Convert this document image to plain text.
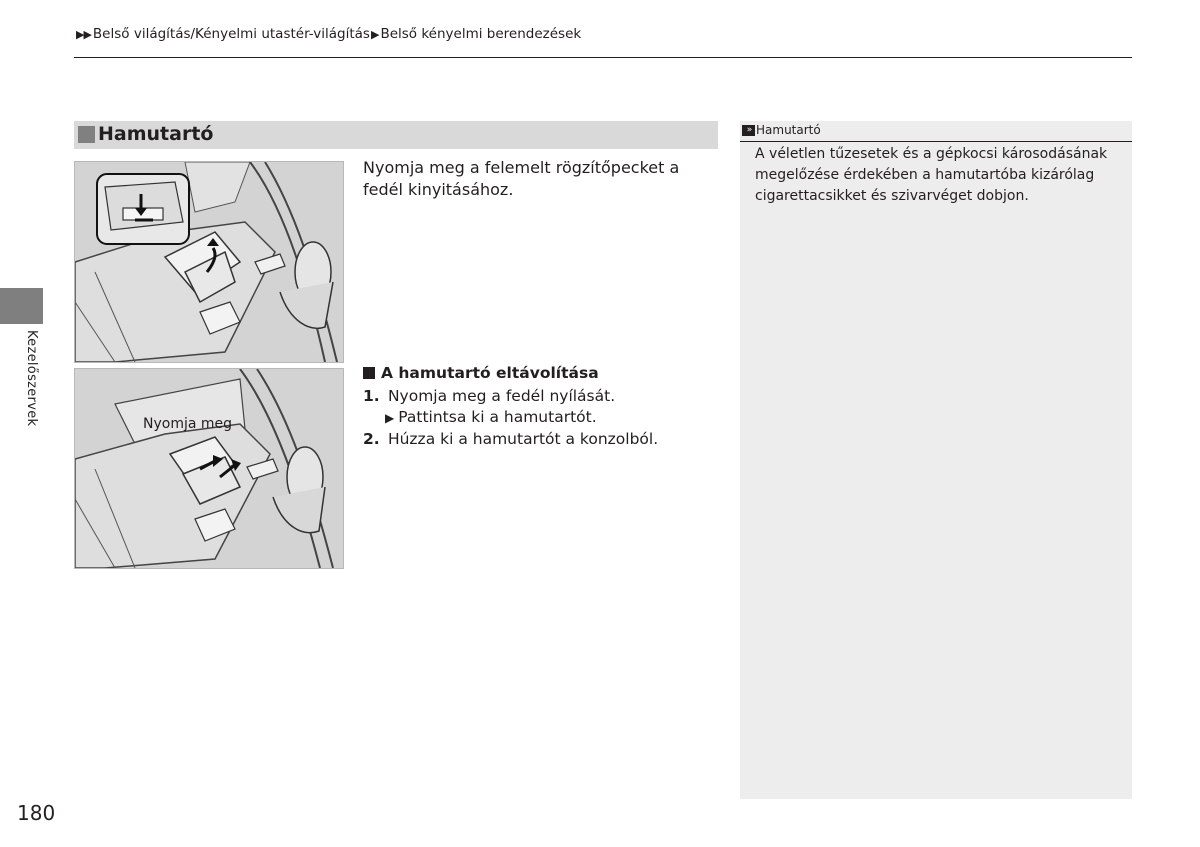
▶▶ Belső világítás/Kényelmi utastér-világítás▶Belső kényelmi berendezések
Kezelőszervek
Hamutartó
Nyomja meg
Nyomja meg a felemelt rögzítőpecket a fedél kinyitásához.
A hamutartó eltávolítása
1. Nyomja meg a fedél nyílását.
▶ Pattintsa ki a hamutartót.
2. Húzza ki a hamutartót a konzolból.
» Hamutartó
A véletlen tűzesetek és a gépkocsi károsodásának megelőzése érdekében a hamutartóba kizárólag cigarettacsikket és szivarvéget dobjon.
180
